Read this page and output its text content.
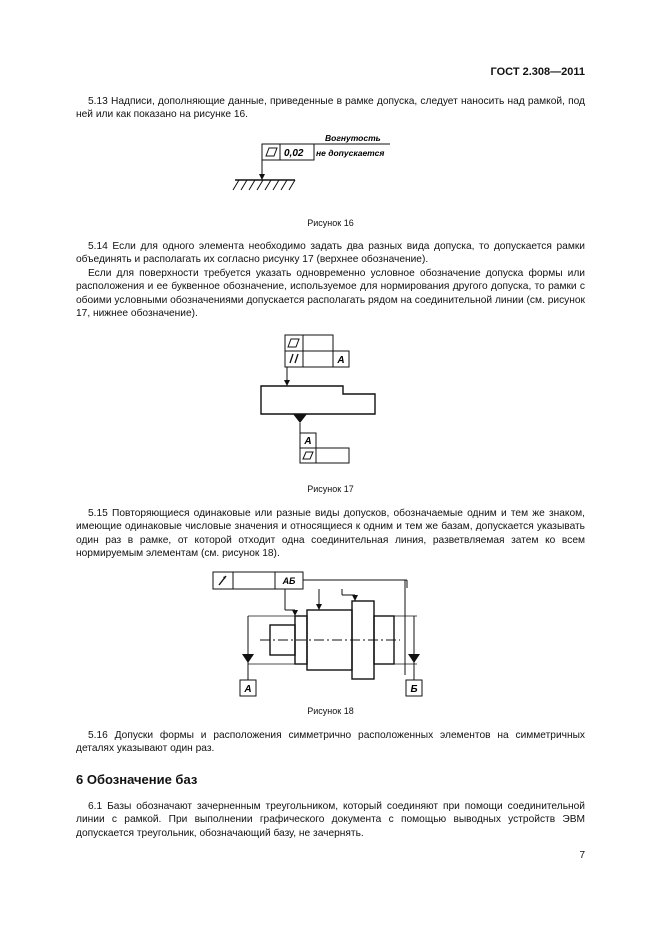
ГОСТ 2.308—2011

5.13 Надписи, дополняющие данные, приведенные в рамке допуска, следует наносить над рамкой, под ней или как показано на рисунке 16.

0,02
Вогнутость
не допускается
Рисунок 16

5.14 Если для одного элемента необходимо задать два разных вида допуска, то допускается рамки объединять и располагать их согласно рисунку 17 (верхнее обозначение).

Если для поверхности требуется указать одновременно условное обозначение допуска формы или расположения и ее буквенное обозначение, используемое для нормирования другого допуска, то рамки с обоими условными обозначениями допускается располагать рядом на соединительной линии (см. рисунок 17, нижнее обозначение).

А
А
Рисунок 17

5.15 Повторяющиеся одинаковые или разные виды допусков, обозначаемые одним и тем же знаком, имеющие одинаковые числовые значения и относящиеся к одним и тем же базам, допускается указывать один раз в рамке, от которой отходит одна соединительная линия, разветвляемая затем ко всем нормируемым элементам (см. рисунок 18).

АБ
А	Б
Рисунок 18

5.16 Допуски формы и расположения симметрично расположенных элементов на симметричных деталях указывают один раз.

6 Обозначение баз

6.1 Базы обозначают зачерненным треугольником, который соединяют при помощи соединительной линии с рамкой. При выполнении графического документа с помощью выводных устройств ЭВМ допускается треугольник, обозначающий базу, не зачернять.

7
